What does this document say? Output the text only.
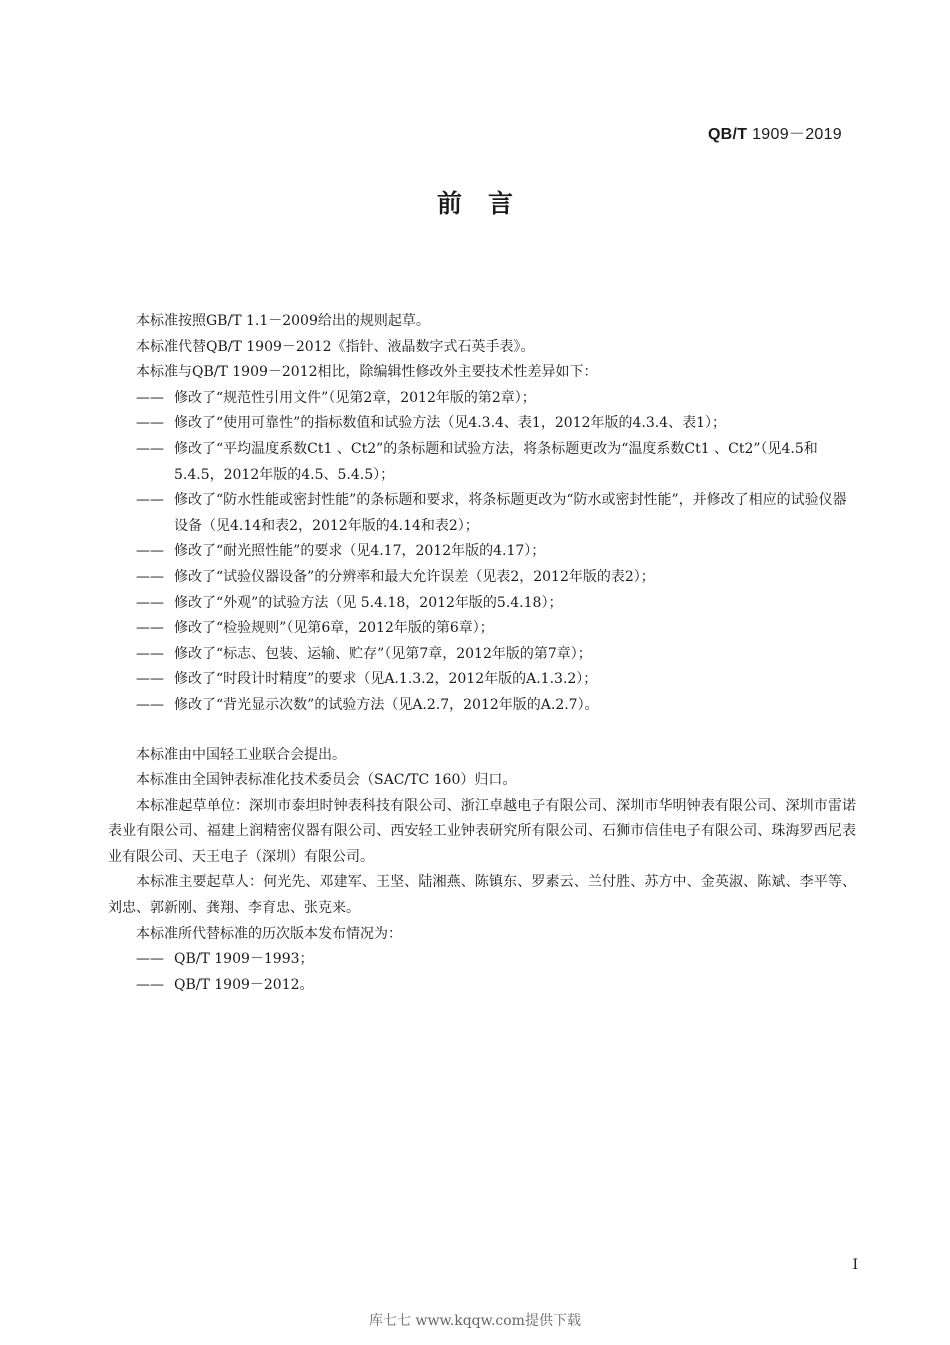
QB/T 1909－2019
前言

本标准按照GB/T 1.1－2009给出的规则起草。

本标准代替QB/T 1909－2012《指针、液晶数字式石英手表》。

本标准与QB/T 1909－2012相比，除编辑性修改外主要技术性差异如下：

—— 修改了“规范性引用文件”（见第2章，2012年版的第2章）；

—— 修改了“使用可靠性”的指标数值和试验方法（见4.3.4、表1，2012年版的4.3.4、表1）；

—— 修改了“平均温度系数Ct1 、Ct2”的条标题和试验方法，将条标题更改为“温度系数Ct1 、Ct2”（见4.5和5.4.5，2012年版的4.5、5.4.5）；

—— 修改了“防水性能或密封性能”的条标题和要求，将条标题更改为“防水或密封性能”，并修改了相应的试验仪器设备（见4.14和表2，2012年版的4.14和表2）；

—— 修改了“耐光照性能”的要求（见4.17，2012年版的4.17）；

—— 修改了“试验仪器设备”的分辨率和最大允许误差（见表2，2012年版的表2）；

—— 修改了“外观”的试验方法（见 5.4.18，2012年版的5.4.18）；

—— 修改了“检验规则”（见第6章，2012年版的第6章）；

—— 修改了“标志、包装、运输、贮存”（见第7章，2012年版的第7章）；

—— 修改了“时段计时精度”的要求（见A.1.3.2，2012年版的A.1.3.2）；

—— 修改了“背光显示次数”的试验方法（见A.2.7，2012年版的A.2.7）。

本标准由中国轻工业联合会提出。

本标准由全国钟表标准化技术委员会（SAC/TC 160）归口。

本标准起草单位：深圳市泰坦时钟表科技有限公司、浙江卓越电子有限公司、深圳市华明钟表有限公司、深圳市雷诺表业有限公司、福建上润精密仪器有限公司、西安轻工业钟表研究所有限公司、石狮市信佳电子有限公司、珠海罗西尼表业有限公司、天王电子（深圳）有限公司。

本标准主要起草人：何光先、邓建军、王坚、陆湘燕、陈镇东、罗素云、兰付胜、苏方中、金英淑、陈斌、李平等、刘忠、郭新刚、龚翔、李育忠、张克来。

本标准所代替标准的历次版本发布情况为：

—— QB/T 1909－1993；

—— QB/T 1909－2012。

I
库七七 www.kqqw.com提供下载
